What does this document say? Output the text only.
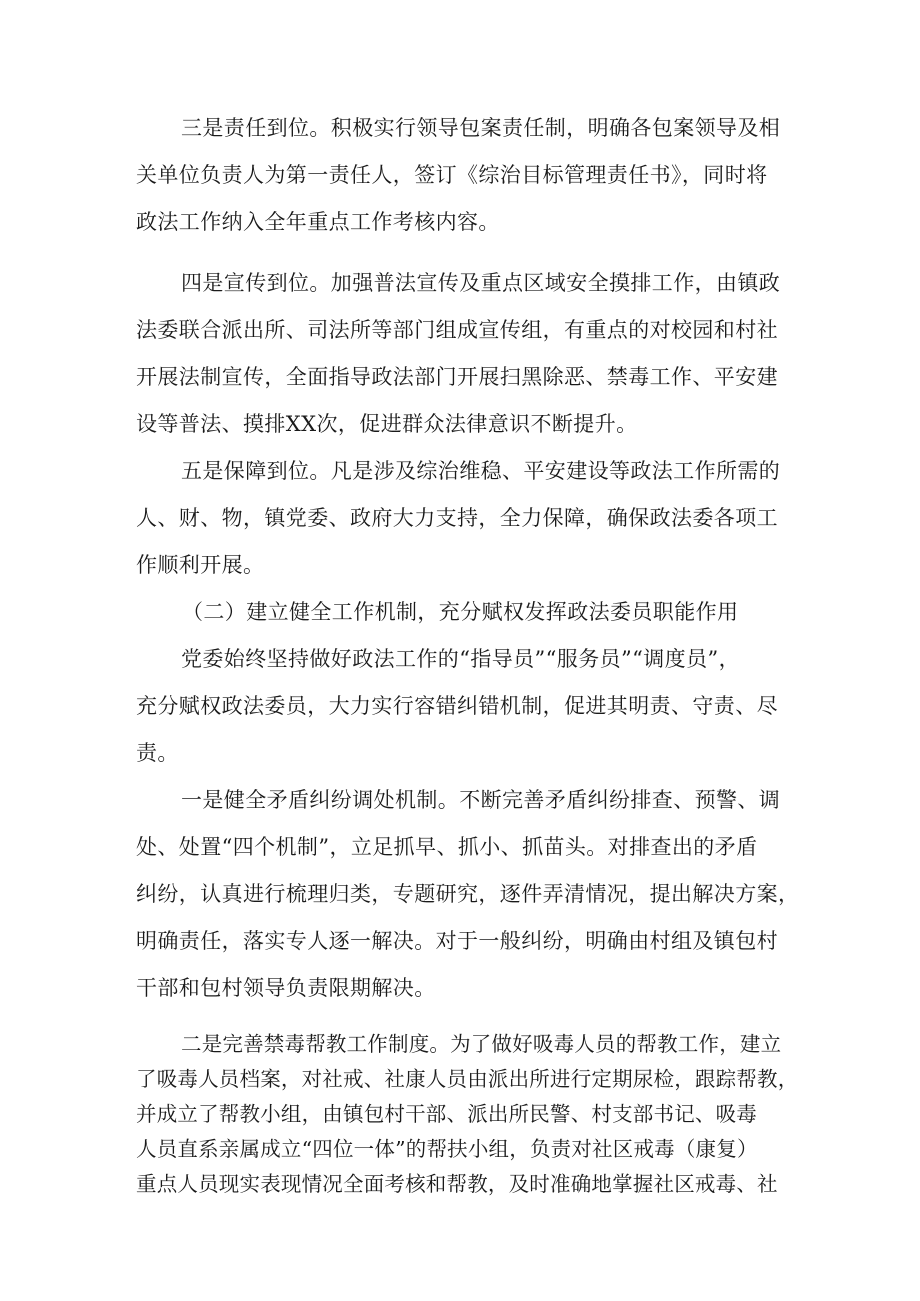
三是责任到位。积极实行领导包案责任制，明确各包案领导及相
关单位负责人为第一责任人，签订《综治目标管理责任书》，同时将
政法工作纳入全年重点工作考核内容。

四是宣传到位。加强普法宣传及重点区域安全摸排工作，由镇政
法委联合派出所、司法所等部门组成宣传组，有重点的对校园和村社
开展法制宣传，全面指导政法部门开展扫黑除恶、禁毒工作、平安建
设等普法、摸排XX次，促进群众法律意识不断提升。

五是保障到位。凡是涉及综治维稳、平安建设等政法工作所需的
人、财、物，镇党委、政府大力支持，全力保障，确保政法委各项工
作顺利开展。

（二）建立健全工作机制，充分赋权发挥政法委员职能作用

党委始终坚持做好政法工作的“指导员”“服务员”“调度员”，
充分赋权政法委员，大力实行容错纠错机制，促进其明责、守责、尽
责。

一是健全矛盾纠纷调处机制。不断完善矛盾纠纷排查、预警、调
处、处置“四个机制”，立足抓早、抓小、抓苗头。对排查出的矛盾
纠纷，认真进行梳理归类，专题研究，逐件弄清情况，提出解决方案，
明确责任，落实专人逐一解决。对于一般纠纷，明确由村组及镇包村
干部和包村领导负责限期解决。

二是完善禁毒帮教工作制度。为了做好吸毒人员的帮教工作，建立
了吸毒人员档案，对社戒、社康人员由派出所进行定期尿检，跟踪帮教，
并成立了帮教小组，由镇包村干部、派出所民警、村支部书记、吸毒
人员直系亲属成立“四位一体”的帮扶小组，负责对社区戒毒（康复）
重点人员现实表现情况全面考核和帮教，及时准确地掌握社区戒毒、社
